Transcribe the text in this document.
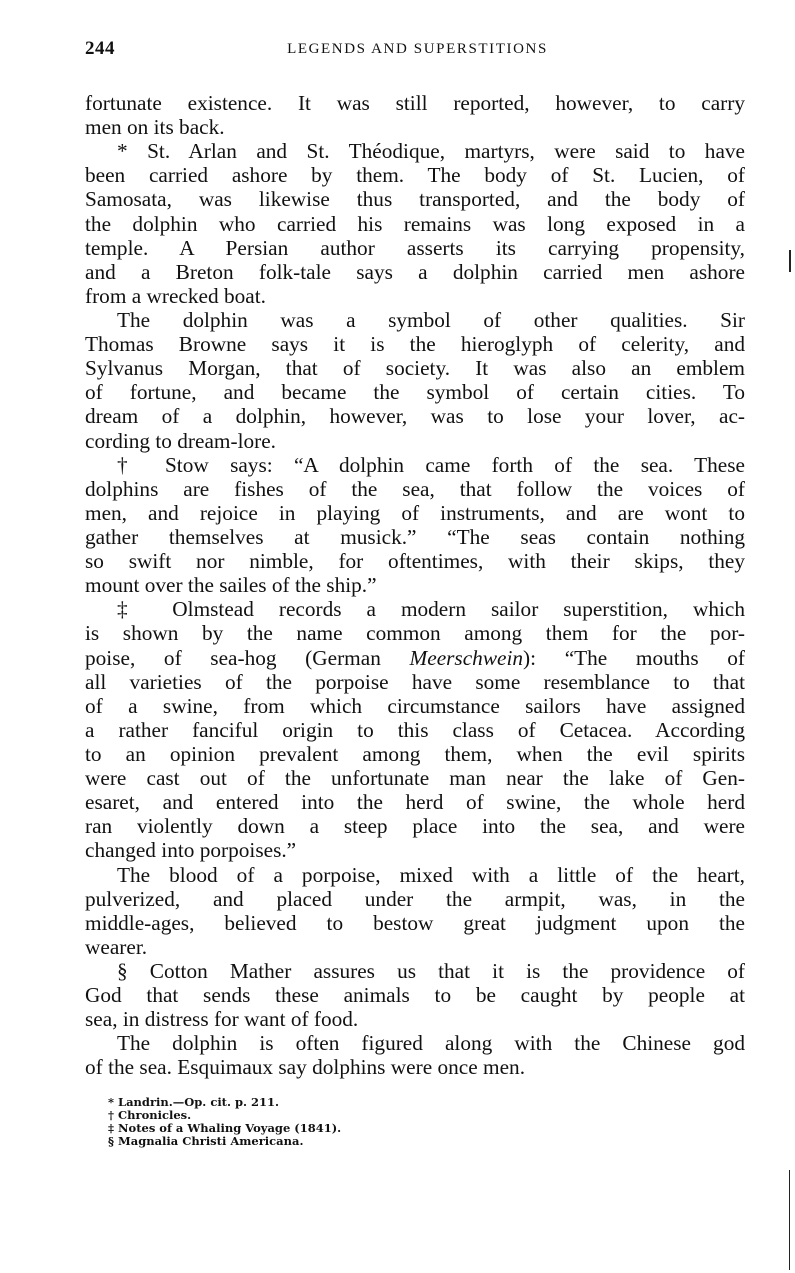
244	LEGENDS AND SUPERSTITIONS
fortunate existence. It was still reported, however, to carry
men on its back.
* St. Arlan and St. Théodique, martyrs, were said to have
been carried ashore by them. The body of St. Lucien, of
Samosata, was likewise thus transported, and the body of
the dolphin who carried his remains was long exposed in a
temple. A Persian author asserts its carrying propensity,
and a Breton folk-tale says a dolphin carried men ashore
from a wrecked boat.
The dolphin was a symbol of other qualities. Sir
Thomas Browne says it is the hieroglyph of celerity, and
Sylvanus Morgan, that of society. It was also an emblem
of fortune, and became the symbol of certain cities. To
dream of a dolphin, however, was to lose your lover, ac-
cording to dream-lore.
† Stow says: “A dolphin came forth of the sea. These
dolphins are fishes of the sea, that follow the voices of
men, and rejoice in playing of instruments, and are wont to
gather themselves at musick.” “The seas contain nothing
so swift nor nimble, for oftentimes, with their skips, they
mount over the sailes of the ship.”
‡ Olmstead records a modern sailor superstition, which
is shown by the name common among them for the por-
poise, of sea-hog (German Meerschwein): “The mouths of
all varieties of the porpoise have some resemblance to that
of a swine, from which circumstance sailors have assigned
a rather fanciful origin to this class of Cetacea. According
to an opinion prevalent among them, when the evil spirits
were cast out of the unfortunate man near the lake of Gen-
esaret, and entered into the herd of swine, the whole herd
ran violently down a steep place into the sea, and were
changed into porpoises.”
The blood of a porpoise, mixed with a little of the heart,
pulverized, and placed under the armpit, was, in the
middle-ages, believed to bestow great judgment upon the
wearer.
§ Cotton Mather assures us that it is the providence of
God that sends these animals to be caught by people at
sea, in distress for want of food.
The dolphin is often figured along with the Chinese god
of the sea. Esquimaux say dolphins were once men.
* Landrin.—Op. cit. p. 211.
† Chronicles.
‡ Notes of a Whaling Voyage (1841).
§ Magnalia Christi Americana.
